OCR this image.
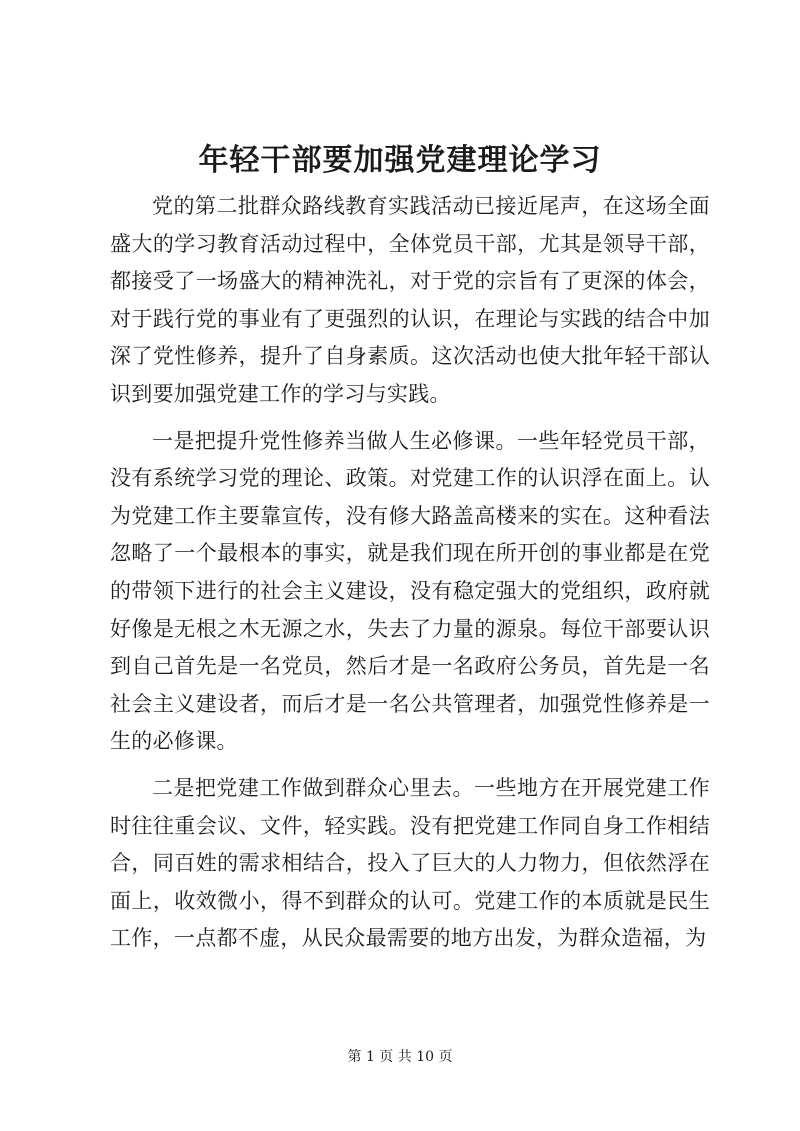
年轻干部要加强党建理论学习

党的第二批群众路线教育实践活动已接近尾声，在这场全面盛大的学习教育活动过程中，全体党员干部，尤其是领导干部，都接受了一场盛大的精神洗礼，对于党的宗旨有了更深的体会，对于践行党的事业有了更强烈的认识，在理论与实践的结合中加深了党性修养，提升了自身素质。这次活动也使大批年轻干部认识到要加强党建工作的学习与实践。

一是把提升党性修养当做人生必修课。一些年轻党员干部，没有系统学习党的理论、政策。对党建工作的认识浮在面上。认为党建工作主要靠宣传，没有修大路盖高楼来的实在。这种看法忽略了一个最根本的事实，就是我们现在所开创的事业都是在党的带领下进行的社会主义建设，没有稳定强大的党组织，政府就好像是无根之木无源之水，失去了力量的源泉。每位干部要认识到自己首先是一名党员，然后才是一名政府公务员，首先是一名社会主义建设者，而后才是一名公共管理者，加强党性修养是一生的必修课。

二是把党建工作做到群众心里去。一些地方在开展党建工作时往往重会议、文件，轻实践。没有把党建工作同自身工作相结合，同百姓的需求相结合，投入了巨大的人力物力，但依然浮在面上，收效微小，得不到群众的认可。党建工作的本质就是民生工作，一点都不虚，从民众最需要的地方出发，为群众造福，为

第 1 页 共 10 页
